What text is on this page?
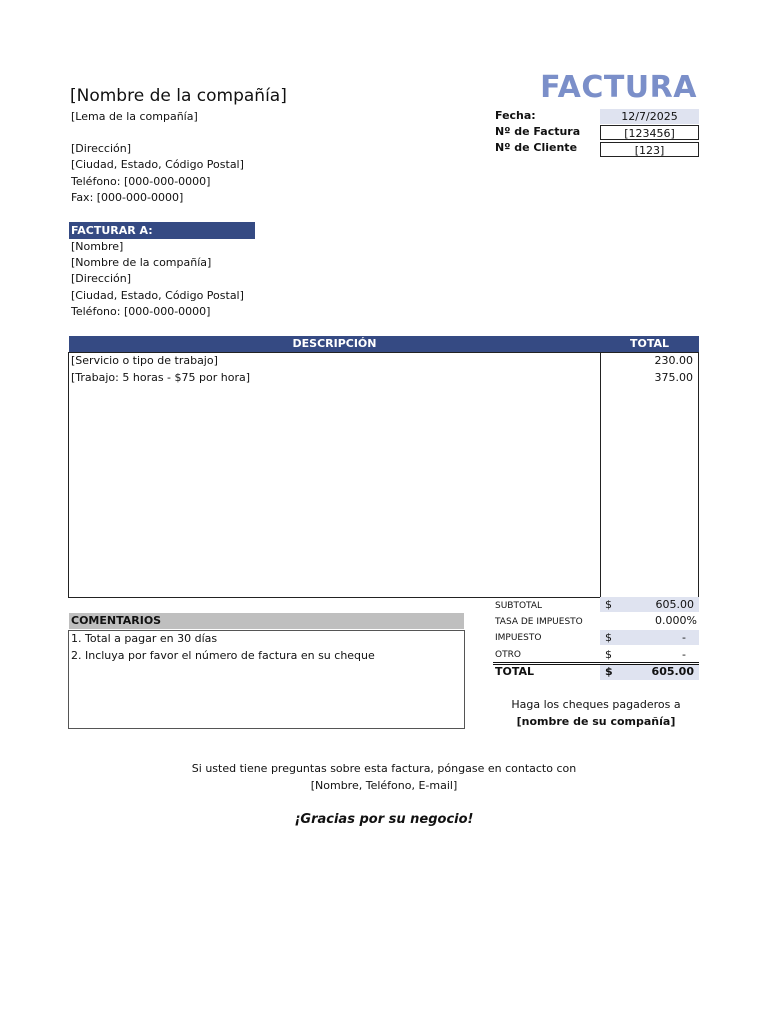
[Nombre de la compañía]
[Lema de la compañía]
[Dirección]
[Ciudad, Estado, Código Postal]
Teléfono: [000-000-0000]
Fax: [000-000-0000]
FACTURA
Fecha:	12/7/2025
Nº de Factura	[123456]
Nº de Cliente	[123]
FACTURAR A:
[Nombre]
[Nombre de la compañía]
[Dirección]
[Ciudad, Estado, Código Postal]
Teléfono: [000-000-0000]
DESCRIPCIÓN	TOTAL
[Servicio o tipo de trabajo]	230.00
[Trabajo: 5 horas - $75 por hora]	375.00
COMENTARIOS
1. Total a pagar en 30 días
2. Incluya por favor el número de factura en su cheque
SUBTOTAL	$	605.00
TASA DE IMPUESTO	0.000%
IMPUESTO	$	-
OTRO	$	-
TOTAL	$	605.00
Haga los cheques pagaderos a
[nombre de su compañía]
Si usted tiene preguntas sobre esta factura, póngase en contacto con
[Nombre, Teléfono, E-mail]
¡Gracias por su negocio!
